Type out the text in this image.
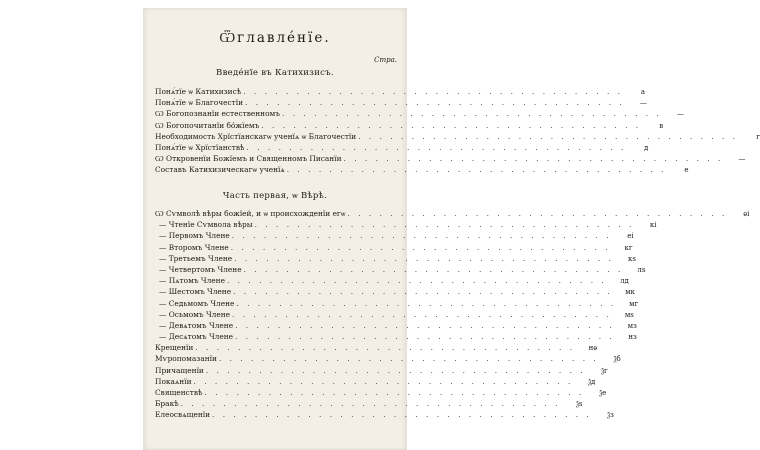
Ѿглавлéнїе.
Стра.
Введéнїе въ Катихизисъ.
Понѧ́тїе ѡ Катихизисѣ . . . . . . . . . . . . . . . . . . . . . . . . . . . . . . . . . . . .	а
Понѧ́тїе ѡ Благочестїи . . . . . . . . . . . . . . . . . . . . . . . . . . . . . . . . . . . .	—
Ѡ Богопознанїи естественномъ . . . . . . . . . . . . . . . . . . . . . . . . . . . . . . . . . . . .	—
Ѡ Богопочитанїи бо́жїемъ . . . . . . . . . . . . . . . . . . . . . . . . . . . . . . . . . . . .	в
Необходимость Хрїстїанскагѡ ученїѧ ѡ Благочестїи . . . . . . . . . . . . . . . . . . . . . . . . . . . . . . . . . . . .	г
Понѧ́тїе ѡ Хрїстїанствѣ . . . . . . . . . . . . . . . . . . . . . . . . . . . . . . . . . . . .	д
Ѡ Откровенїи Божїемъ и Священномъ Писанїи . . . . . . . . . . . . . . . . . . . . . . . . . . . . . . . . . . . .	—
Составъ Катихизическагѡ ученїѧ . . . . . . . . . . . . . . . . . . . . . . . . . . . . . . . . . . . .	е
Часть первая, ѡ Вѣрѣ.
Ѡ Сѵмволѣ вѣры божїей, и ѡ происхожденїи егѡ . . . . . . . . . . . . . . . . . . . . . . . . . . . . . . . . . . . .	ѳі
— Чтенїе Сѵмвола вѣры . . . . . . . . . . . . . . . . . . . . . . . . . . . . . . . . . . . .	кі
— Первомъ Члене . . . . . . . . . . . . . . . . . . . . . . . . . . . . . . . . . . . .	еі
— Второмъ Члене . . . . . . . . . . . . . . . . . . . . . . . . . . . . . . . . . . . .	кг
— Третьемъ Члене . . . . . . . . . . . . . . . . . . . . . . . . . . . . . . . . . . . .	кѕ
— Четвертомъ Члене . . . . . . . . . . . . . . . . . . . . . . . . . . . . . . . . . . . .	лѕ
— Пѧтомъ Члене . . . . . . . . . . . . . . . . . . . . . . . . . . . . . . . . . . . .	лд
— Шестомъ Члене . . . . . . . . . . . . . . . . . . . . . . . . . . . . . . . . . . . .	мк
— Седьмомъ Члене . . . . . . . . . . . . . . . . . . . . . . . . . . . . . . . . . . . .	мг
— Осьмомъ Члене . . . . . . . . . . . . . . . . . . . . . . . . . . . . . . . . . . . .	мѕ
— Девѧтомъ Члене . . . . . . . . . . . . . . . . . . . . . . . . . . . . . . . . . . . .	мз
— Десѧтомъ Члене . . . . . . . . . . . . . . . . . . . . . . . . . . . . . . . . . . . .	нз
Крещенїи . . . . . . . . . . . . . . . . . . . . . . . . . . . . . . . . . . . .	нѳ
Мѵропомазанїи . . . . . . . . . . . . . . . . . . . . . . . . . . . . . . . . . . . .	ѯб
Причащенїи . . . . . . . . . . . . . . . . . . . . . . . . . . . . . . . . . . . .	ѯг
Покаѧнїи . . . . . . . . . . . . . . . . . . . . . . . . . . . . . . . . . . . .	ѯд
Священствѣ . . . . . . . . . . . . . . . . . . . . . . . . . . . . . . . . . . . .	ѯе
Бракѣ . . . . . . . . . . . . . . . . . . . . . . . . . . . . . . . . . . . .	ѯѕ
Елеосвѧщенїи . . . . . . . . . . . . . . . . . . . . . . . . . . . . . . . . . . . .	ѯз
